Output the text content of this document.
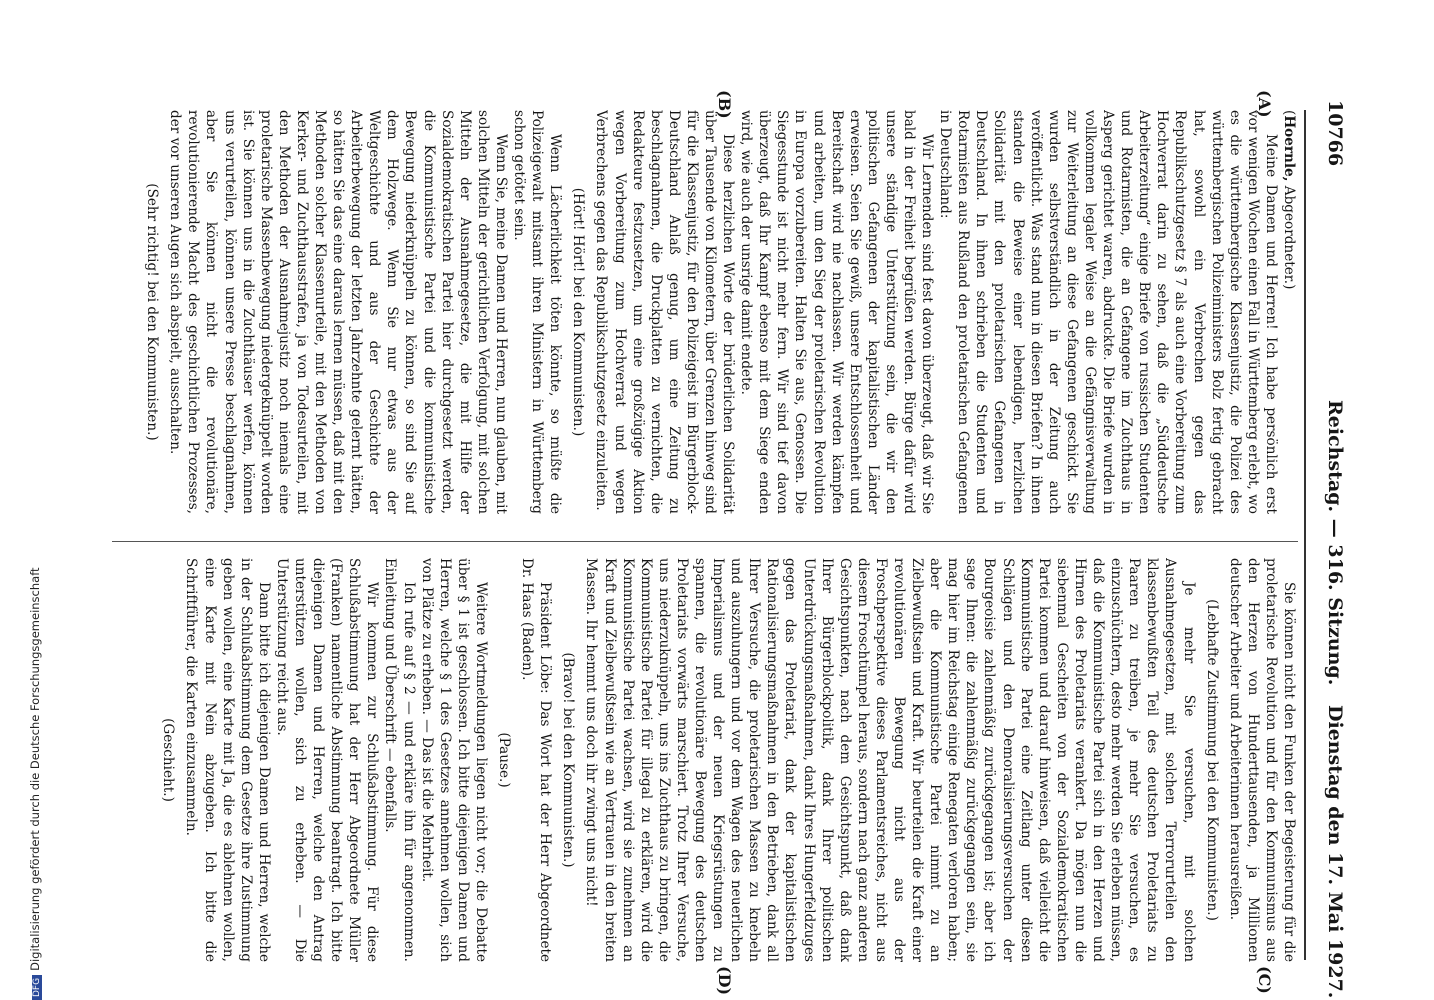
DFGDigitalisierung gefördert durch die Deutsche Forschungsgemeinschaft
10766
Reichstag. — 316. Sitzung.
Dienstag den 17. Mai 1927.
(A)
(B)
(C)
(D)

(Hoernle, Abgeordneter.)

Meine Damen und Herren! Ich habe persönlich erst vor wenigen Wochen einen Fall in Württemberg erlebt, wo es die württembergische Klassenjustiz, die Polizei des württembergischen Polizeiministers Bolz fertig gebracht hat, sowohl ein Verbrechen gegen das Republikschutzgesetz § 7 als auch eine Vorbereitung zum Hochverrat darin zu sehen, daß die „Süddeutsche Arbeiterzeitung“ einige Briefe von russischen Studenten und Rotarmisten, die an Gefangene im Zuchthaus in Asperg gerichtet waren, abdruckte. Die Briefe wurden in vollkommen legaler Weise an die Gefängnisverwaltung zur Weiterleitung an diese Gefangenen geschickt. Sie wurden selbstverständlich in der Zeitung auch veröffentlicht. Was stand nun in diesen Briefen? In ihnen standen die Beweise einer lebendigen, herzlichen Solidarität mit den proletarischen Gefangenen in Deutschland. In ihnen schrieben die Studenten und Rotarmisten aus Rußland den proletarischen Gefangenen in Deutschland:

Wir Lernenden sind fest davon überzeugt, daß wir Sie bald in der Freiheit begrüßen werden. Bürge dafür wird unsere ständige Unterstützung sein, die wir den politischen Gefangenen der kapitalistischen Länder erweisen. Seien Sie gewiß, unsere Entschlossenheit und Bereitschaft wird nie nachlassen. Wir werden kämpfen und arbeiten, um den Sieg der proletarischen Revolution in Europa vorzubereiten. Halten Sie aus, Genossen. Die Siegesstunde ist nicht mehr fern. Wir sind tief davon überzeugt, daß Ihr Kampf ebenso mit dem Siege enden wird, wie auch der unsrige damit endete.

Diese herzlichen Worte der brüderlichen Solidarität über Tausende von Kilometern, über Grenzen hinweg sind für die Klassenjustiz, für den Polizeigeist im Bürgerblock-Deutschland Anlaß genug, um eine Zeitung zu beschlagnahmen, die Druckplatten zu vernichten, die Redakteure festzusetzen, um eine großzügige Aktion wegen Vorbereitung zum Hochverrat und wegen Verbrechens gegen das Republikschutzgesetz einzuleiten.

(Hört! Hört! bei den Kommunisten.)

Wenn Lächerlichkeit töten könnte, so müßte die Polizeigewalt mitsamt ihren Ministern in Württemberg schon getötet sein.

Wenn Sie, meine Damen und Herren, nun glauben, mit solchen Mitteln der gerichtlichen Verfolgung, mit solchen Mitteln der Ausnahmegesetze, die mit Hilfe der Sozialdemokratischen Partei hier durchgesetzt werden, die Kommunistische Partei und die kommunistische Bewegung niederknüppeln zu können, so sind Sie auf dem Holzwege. Wenn Sie nur etwas aus der Weltgeschichte und aus der Geschichte der Arbeiterbewegung der letzten Jahrzehnte gelernt hätten, so hätten Sie das eine daraus lernen müssen, daß mit den Methoden solcher Klassenurteile, mit den Methoden von Kerker- und Zuchthausstrafen, ja von Todesurteilen, mit den Methoden der Ausnahmejustiz noch niemals eine proletarische Massenbewegung niedergeknüppelt worden ist. Sie können uns in die Zuchthäuser werfen, können uns verurteilen, können unsere Presse beschlagnahmen, aber Sie können nicht die revolutionäre, revolutionierende Macht des geschichtlichen Prozesses, der vor unseren Augen sich abspielt, ausschalten.

(Sehr richtig! bei den Kommunisten.)

Sie können nicht den Funken der Begeisterung für die proletarische Revolution und für den Kommunismus aus den Herzen von Hunderttausenden, ja Millionen deutscher Arbeiter und Arbeiterinnen herausreißen.

(Lebhafte Zustimmung bei den Kommunisten.)

Je mehr Sie versuchen, mit solchen Ausnahmegesetzen, mit solchen Terrorurteilen den klassenbewußten Teil des deutschen Proletariats zu Paaren zu treiben, je mehr Sie versuchen, es einzuschüchtern, desto mehr werden Sie erleben müssen, daß die Kommunistische Partei sich in den Herzen und Hirnen des Proletariats verankert. Da mögen nun die siebenmal Gescheiten von der Sozialdemokratischen Partei kommen und darauf hinweisen, daß vielleicht die Kommunistische Partei eine Zeitlang unter diesen Schlägen und den Demoralisierungsversuchen der Bourgeoisie zahlenmäßig zurückgegangen ist; aber ich sage Ihnen: die zahlenmäßig zurückgegangen sein, sie mag hier im Reichstag einige Renegaten verloren haben; aber die Kommunistische Partei nimmt zu an Zielbewußtsein und Kraft. Wir beurteilen die Kraft einer revolutionären Bewegung nicht aus der Froschperspektive dieses Parlamentsreiches, nicht aus diesem Froschtümpel heraus, sondern nach ganz anderen Gesichtspunkten, nach dem Gesichtspunkt, daß dank Ihrer Bürgerblockpolitik, dank Ihrer politischen Unterdrückungsmaßnahmen, dank Ihres Hungerfeldzuges gegen das Proletariat, dank der kapitalistischen Rationalisierungsmaßnahmen in den Betrieben, dank all Ihrer Versuche, die proletarischen Massen zu knebeln und auszuhungern und vor dem Wagen des neuerlichen Imperialismus und der neuen Kriegsrüstungen zu spannen, die revolutionäre Bewegung des deutschen Proletariats vorwärts marschiert. Trotz Ihrer Versuche, uns niederzuknüppeln, uns ins Zuchthaus zu bringen, die Kommunistische Partei für illegal zu erklären, wird die Kommunistische Partei wachsen, wird sie zunehmen an Kraft und Zielbewußtsein wie an Vertrauen in den breiten Massen. Ihr hemmt uns doch ihr zwingt uns nicht!

(Bravo! bei den Kommunisten.)

Präsident Löbe: Das Wort hat der Herr Abgeordnete Dr. Haas (Baden).

(Pause.)

Weitere Wortmeldungen liegen nicht vor; die Debatte über § 1 ist geschlossen. Ich bitte diejenigen Damen und Herren, welche § 1 des Gesetzes annehmen wollen, sich von Plätze zu erheben. — Das ist die Mehrheit.

Ich rufe auf § 2 — und erkläre ihn für angenommen. Einleitung und Überschrift — ebenfalls.

Wir kommen zur Schlußabstimmung. Für diese Schlußabstimmung hat der Herr Abgeordnete Müller (Franken) namentliche Abstimmung beantragt. Ich bitte diejenigen Damen und Herren, welche den Antrag unterstützen wollen, sich zu erheben. — Die Unterstützung reicht aus.

Dann bitte ich diejenigen Damen und Herren, welche in der Schlußabstimmung dem Gesetze ihre Zustimmung geben wollen, eine Karte mit Ja, die es ablehnen wollen, eine Karte mit Nein abzugeben. Ich bitte die Schriftführer, die Karten einzusammeln.

(Geschieht.)
